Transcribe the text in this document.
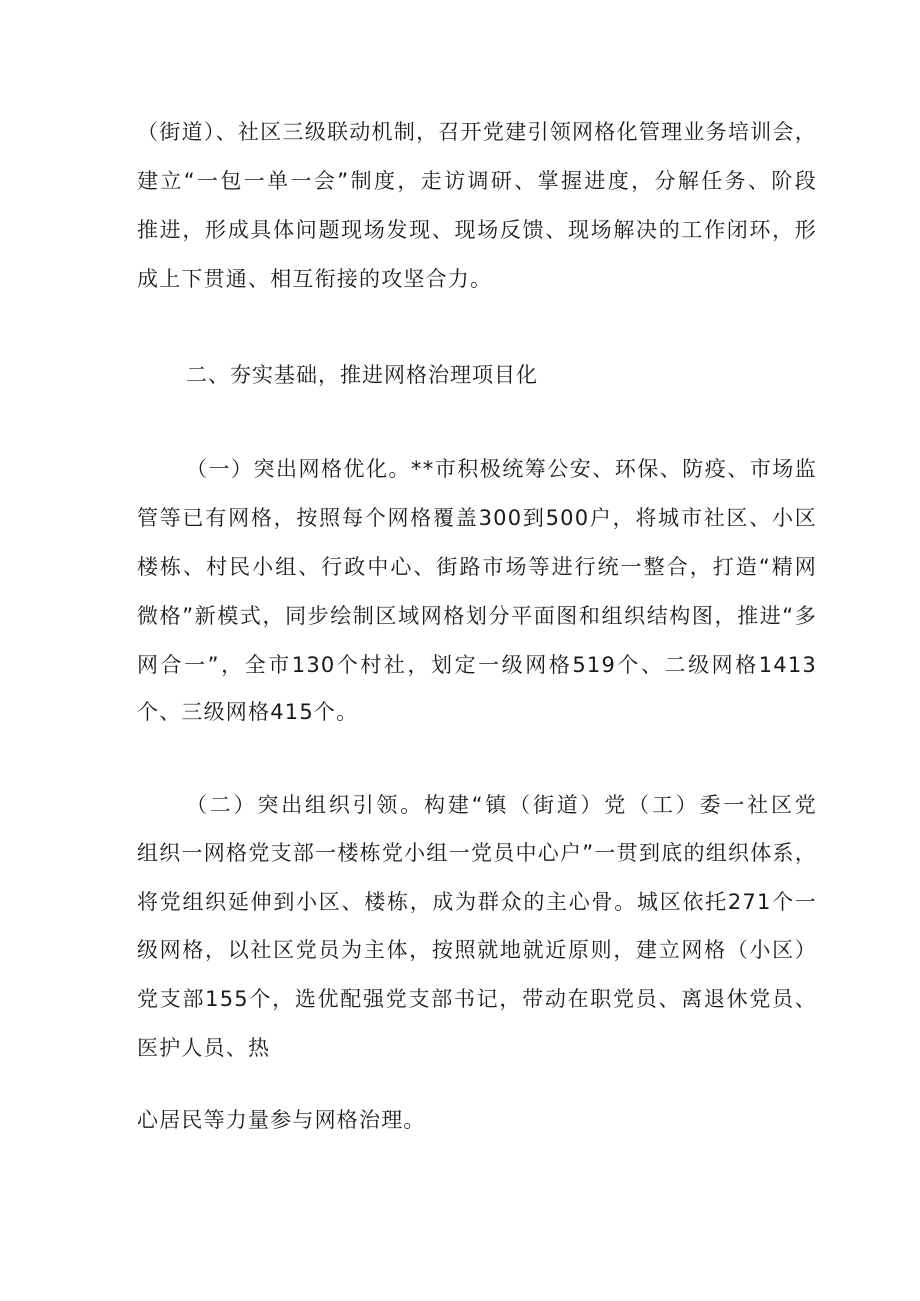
（街道）、社区三级联动机制，召开党建引领网格化管理业务培训会，
建立“一包一单一会”制度，走访调研、掌握进度，分解任务、阶段
推进，形成具体问题现场发现、现场反馈、现场解决的工作闭环，形
成上下贯通、相互衔接的攻坚合力。
二、夯实基础，推进网格治理项目化
（一）突出网格优化。**市积极统筹公安、环保、防疫、市场监
管等已有网格，按照每个网格覆盖300到500户，将城市社区、小区
楼栋、村民小组、行政中心、街路市场等进行统一整合，打造“精网
微格”新模式，同步绘制区域网格划分平面图和组织结构图，推进“多
网合一”，全市130个村社，划定一级网格519个、二级网格1413
个、三级网格415个。
（二）突出组织引领。构建“镇（街道）党（工）委一社区党
组织一网格党支部一楼栋党小组一党员中心户”一贯到底的组织体系，
将党组织延伸到小区、楼栋，成为群众的主心骨。城区依托271个一
级网格，以社区党员为主体，按照就地就近原则，建立网格（小区）
党支部155个，选优配强党支部书记，带动在职党员、离退休党员、
医护人员、热
心居民等力量参与网格治理。
